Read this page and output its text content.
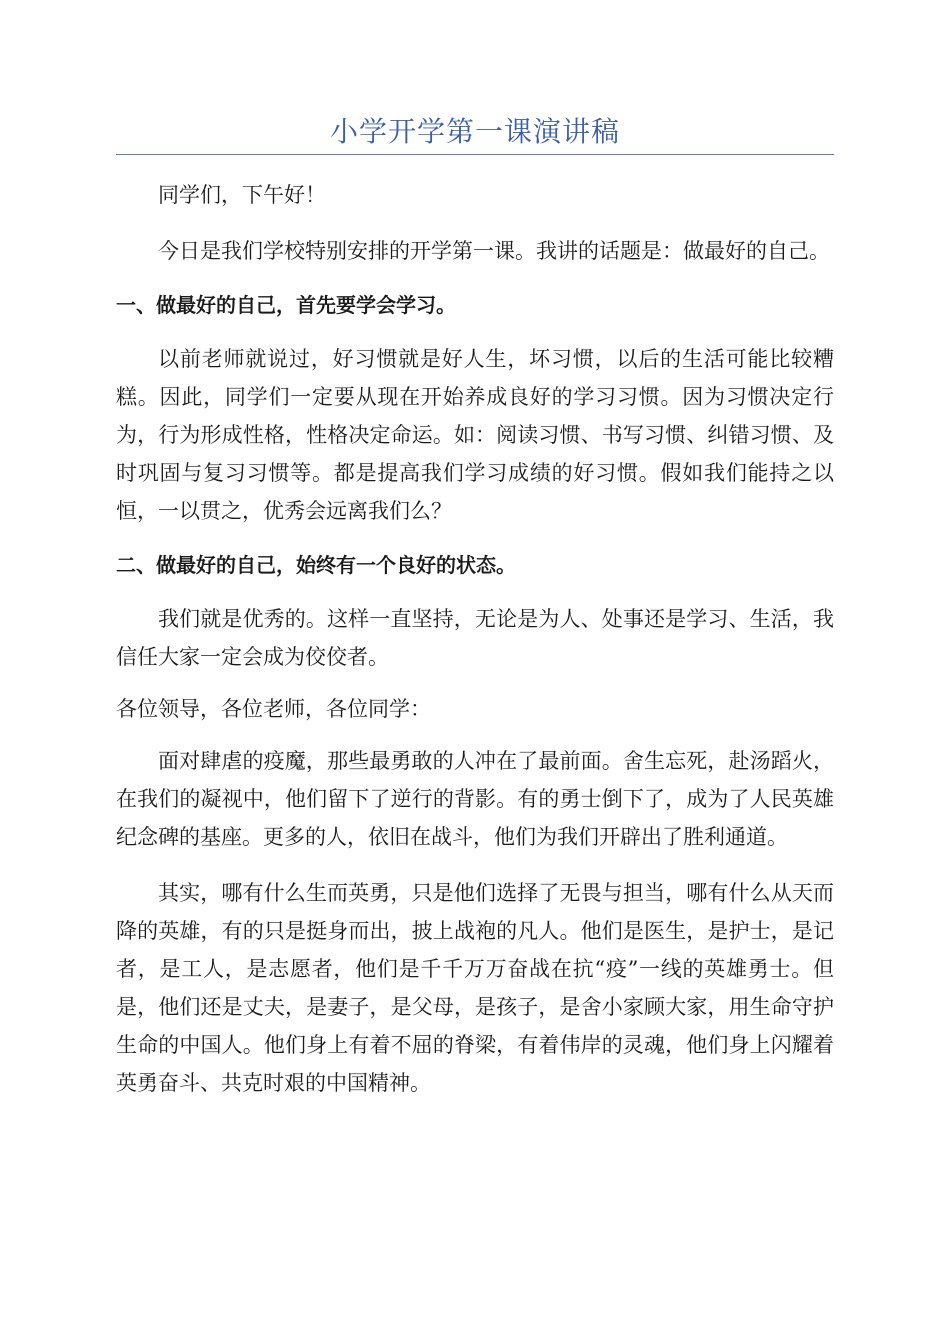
小学开学第一课演讲稿

同学们，下午好！

今日是我们学校特别安排的开学第一课。我讲的话题是：做最好的自己。

一、做最好的自己，首先要学会学习。

以前老师就说过，好习惯就是好人生，坏习惯，以后的生活可能比较糟糕。因此，同学们一定要从现在开始养成良好的学习习惯。因为习惯决定行为，行为形成性格，性格决定命运。如：阅读习惯、书写习惯、纠错习惯、及时巩固与复习习惯等。都是提高我们学习成绩的好习惯。假如我们能持之以恒，一以贯之，优秀会远离我们么？

二、做最好的自己，始终有一个良好的状态。

我们就是优秀的。这样一直坚持，无论是为人、处事还是学习、生活，我信任大家一定会成为佼佼者。

各位领导，各位老师，各位同学：

面对肆虐的疫魔，那些最勇敢的人冲在了最前面。舍生忘死，赴汤蹈火，在我们的凝视中，他们留下了逆行的背影。有的勇士倒下了，成为了人民英雄纪念碑的基座。更多的人，依旧在战斗，他们为我们开辟出了胜利通道。

其实，哪有什么生而英勇，只是他们选择了无畏与担当，哪有什么从天而降的英雄，有的只是挺身而出，披上战袍的凡人。他们是医生，是护士，是记者，是工人，是志愿者，他们是千千万万奋战在抗“疫”一线的英雄勇士。但是，他们还是丈夫，是妻子，是父母，是孩子，是舍小家顾大家，用生命守护生命的中国人。他们身上有着不屈的脊梁，有着伟岸的灵魂，他们身上闪耀着英勇奋斗、共克时艰的中国精神。
